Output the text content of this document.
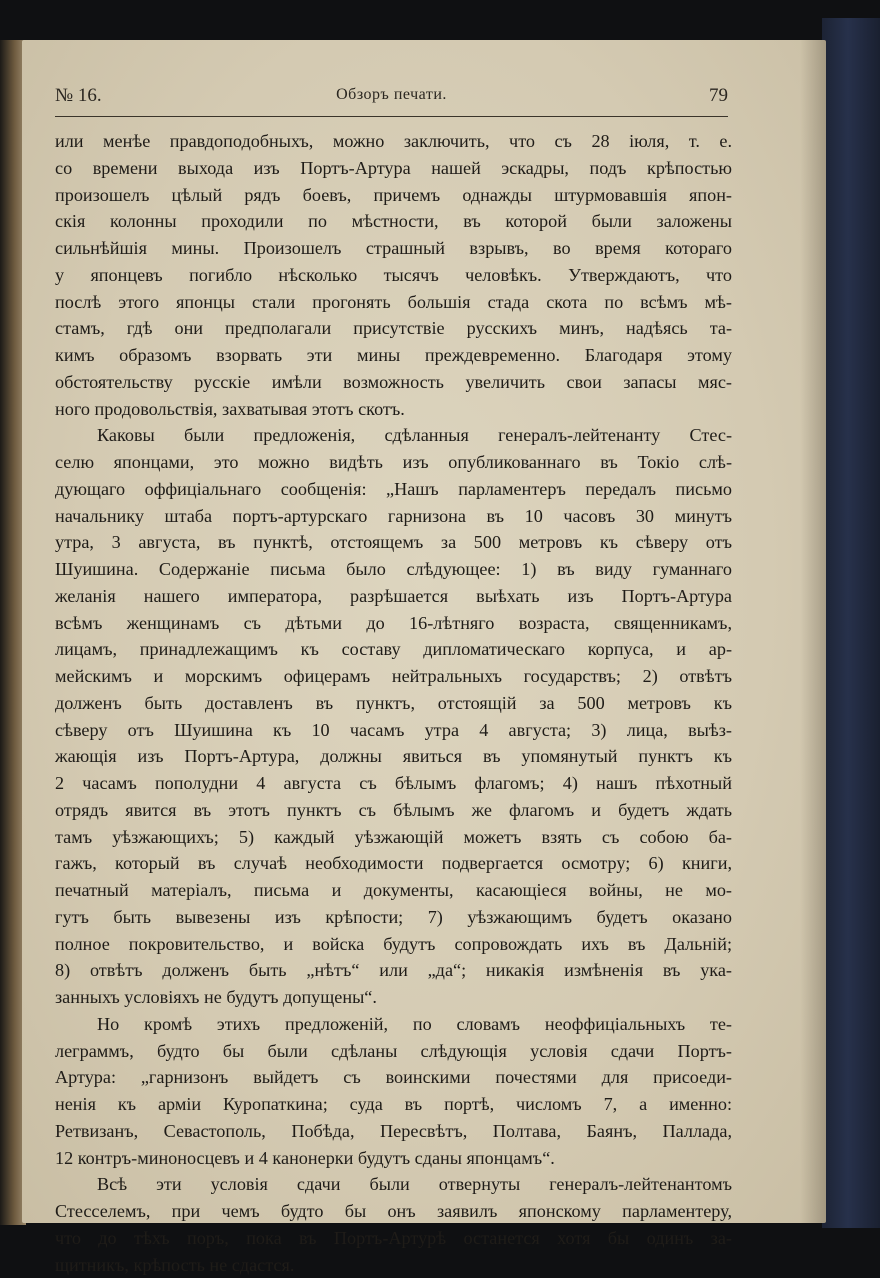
№ 16.	Обзоръ печати.	79
или менѣе правдоподобныхъ, можно заключить, что съ 28 іюля, т. е.
со времени выхода изъ Портъ-Артура нашей эскадры, подъ крѣпостью
произошелъ цѣлый рядъ боевъ, причемъ однажды штурмовавшія япон-
скія колонны проходили по мѣстности, въ которой были заложены
сильнѣйшія мины. Произошелъ страшный взрывъ, во время котораго
у японцевъ погибло нѣсколько тысячъ человѣкъ. Утверждаютъ, что
послѣ этого японцы стали прогонять большія стада скота по всѣмъ мѣ-
стамъ, гдѣ они предполагали присутствіе русскихъ минъ, надѣясь та-
кимъ образомъ взорвать эти мины преждевременно. Благодаря этому
обстоятельству русскіе имѣли возможность увеличить свои запасы мяс-
ного продовольствія, захватывая этотъ скотъ.
Каковы были предложенія, сдѣланныя генералъ-лейтенанту Стес-
селю японцами, это можно видѣть изъ опубликованнаго въ Токіо слѣ-
дующаго оффиціальнаго сообщенія: „Нашъ парламентеръ передалъ письмо
начальнику штаба портъ-артурскаго гарнизона въ 10 часовъ 30 минутъ
утра, 3 августа, въ пунктѣ, отстоящемъ за 500 метровъ къ сѣверу отъ
Шуишина. Содержаніе письма было слѣдующее: 1) въ виду гуманнаго
желанія нашего императора, разрѣшается выѣхать изъ Портъ-Артура
всѣмъ женщинамъ съ дѣтьми до 16-лѣтняго возраста, священникамъ,
лицамъ, принадлежащимъ къ составу дипломатическаго корпуса, и ар-
мейскимъ и морскимъ офицерамъ нейтральныхъ государствъ; 2) отвѣтъ
долженъ быть доставленъ въ пунктъ, отстоящій за 500 метровъ къ
сѣверу отъ Шуишина къ 10 часамъ утра 4 августа; 3) лица, выѣз-
жающія изъ Портъ-Артура, должны явиться въ упомянутый пунктъ къ
2 часамъ пополудни 4 августа съ бѣлымъ флагомъ; 4) нашъ пѣхотный
отрядъ явится въ этотъ пунктъ съ бѣлымъ же флагомъ и будетъ ждать
тамъ уѣзжающихъ; 5) каждый уѣзжающій можетъ взять съ собою ба-
гажъ, который въ случаѣ необходимости подвергается осмотру; 6) книги,
печатный матеріалъ, письма и документы, касающіеся войны, не мо-
гутъ быть вывезены изъ крѣпости; 7) уѣзжающимъ будетъ оказано
полное покровительство, и войска будутъ сопровождать ихъ въ Дальній;
8) отвѣтъ долженъ быть „нѣтъ“ или „да“; никакія измѣненія въ ука-
занныхъ условіяхъ не будутъ допущены“.
Но кромѣ этихъ предложеній, по словамъ неоффиціальныхъ те-
леграммъ, будто бы были сдѣланы слѣдующія условія сдачи Портъ-
Артура: „гарнизонъ выйдетъ съ воинскими почестями для присоеди-
ненія къ арміи Куропаткина; суда въ портѣ, числомъ 7, а именно:
Ретвизанъ, Севастополь, Побѣда, Пересвѣтъ, Полтава, Баянъ, Паллада,
12 контръ-миноносцевъ и 4 канонерки будутъ сданы японцамъ“.
Всѣ эти условія сдачи были отвернуты генералъ-лейтенантомъ
Стесселемъ, при чемъ будто бы онъ заявилъ японскому парламентеру,
что до тѣхъ поръ, пока въ Портъ-Артурѣ останется хотя бы одинъ за-
щитникъ, крѣпость не сдастся.
